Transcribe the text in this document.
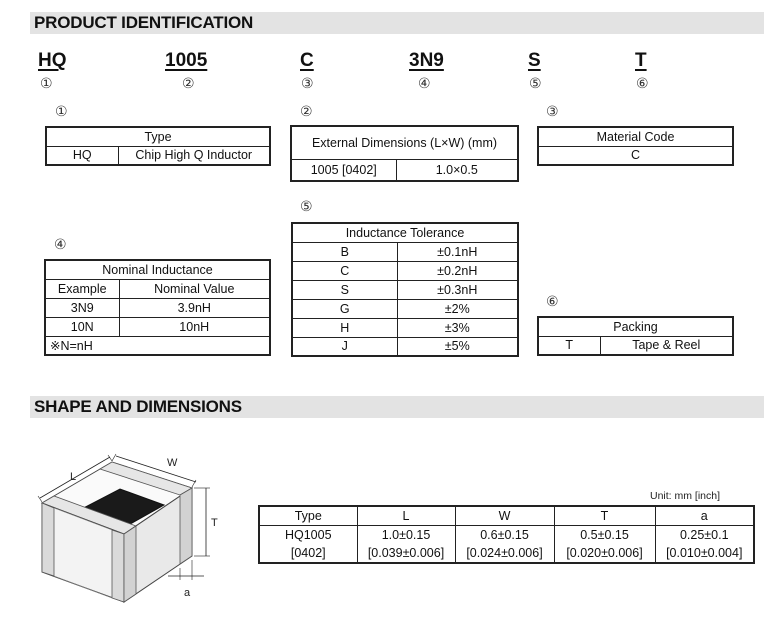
PRODUCT IDENTIFICATION
HQ	1005	C	3N9	S	T
①	②	③	④	⑤	⑥
①	②	③
④
⑤
⑥
Type
HQ	Chip High Q Inductor
External Dimensions (L×W) (mm)
1005 [0402]	1.0×0.5
Material Code
C
Nominal Inductance	
Example	Nominal Value
3N9	3.9nH
10N	10nH
※N=nH	
Inductance Tolerance	
B	±0.1nH
C	±0.2nH
S	±0.3nH
G	±2%
H	±3%
J	±5%
Packing
T	Tape & Reel
SHAPE AND DIMENSIONS
L
W
T
a
Unit: mm [inch]
Type	L	W	T	a
HQ1005	1.0±0.15	0.6±0.15	0.5±0.15	0.25±0.1
[0402]	[0.039±0.006]	[0.024±0.006]	[0.020±0.006]	[0.010±0.004]
